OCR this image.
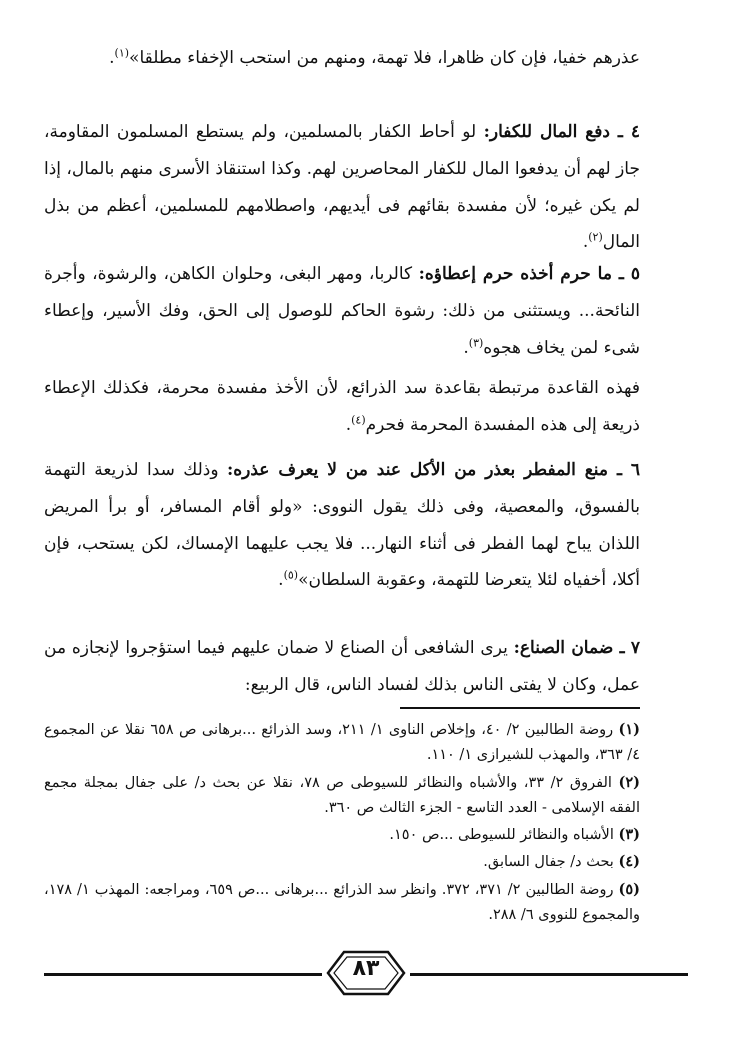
عذرهم خفيا، فإن كان ظاهرا، فلا تهمة، ومنهم من استحب الإخفاء مطلقا»$^{(١)}$.

٤ ـ دفع المال للكفار: لو أحاط الكفار بالمسلمين، ولم يستطع المسلمون المقاومة، جاز لهم أن يدفعوا المال للكفار المحاصرين لهم. وكذا استنقاذ الأسرى منهم بالمال، إذا لم يكن غيره؛ لأن مفسدة بقائهم فى أيديهم، واصطلامهم للمسلمين، أعظم من بذل المال$^{(٢)}$.

٥ ـ ما حرم أخذه حرم إعطاؤه: كالربا، ومهر البغى، وحلوان الكاهن، والرشوة، وأجرة النائحة... ويستثنى من ذلك: رشوة الحاكم للوصول إلى الحق، وفك الأسير، وإعطاء شىء لمن يخاف هجوه$^{(٣)}$.

فهذه القاعدة مرتبطة بقاعدة سد الذرائع، لأن الأخذ مفسدة محرمة، فكذلك الإعطاء ذريعة إلى هذه المفسدة المحرمة فحرم$^{(٤)}$.

٦ ـ منع المفطر بعذر من الأكل عند من لا يعرف عذره: وذلك سدا لذريعة التهمة بالفسوق، والمعصية، وفى ذلك يقول النووى: «ولو أقام المسافر، أو برأ المريض اللذان يباح لهما الفطر فى أثناء النهار... فلا يجب عليهما الإمساك، لكن يستحب، فإن أكلا، أخفياه لئلا يتعرضا للتهمة، وعقوبة السلطان»$^{(٥)}$.

٧ ـ ضمان الصناع: يرى الشافعى أن الصناع لا ضمان عليهم فيما استؤجروا لإنجازه من عمل، وكان لا يفتى الناس بذلك لفساد الناس، قال الربيع:

(١) روضة الطالبين ٢/ ٤٠، وإخلاص الناوى ١/ ٢١١، وسد الذرائع ...برهانى ص ٦٥٨ نقلا عن المجموع ٤/ ٣٦٣، والمهذب للشيرازى ١/ ١١٠.

(٢) الفروق ٢/ ٣٣، والأشباه والنظائر للسيوطى ص ٧٨، نقلا عن بحث د/ على جفال بمجلة مجمع الفقه الإسلامى - العدد التاسع - الجزء الثالث ص ٣٦٠.

(٣) الأشباه والنظائر للسيوطى ...ص ١٥٠.

(٤) بحث د/ جفال السابق.

(٥) روضة الطالبين ٢/ ٣٧١، ٣٧٢. وانظر سد الذرائع ...برهانى ...ص ٦٥٩، ومراجعه: المهذب ١/ ١٧٨، والمجموع للنووى ٦/ ٢٨٨.

٨٣
